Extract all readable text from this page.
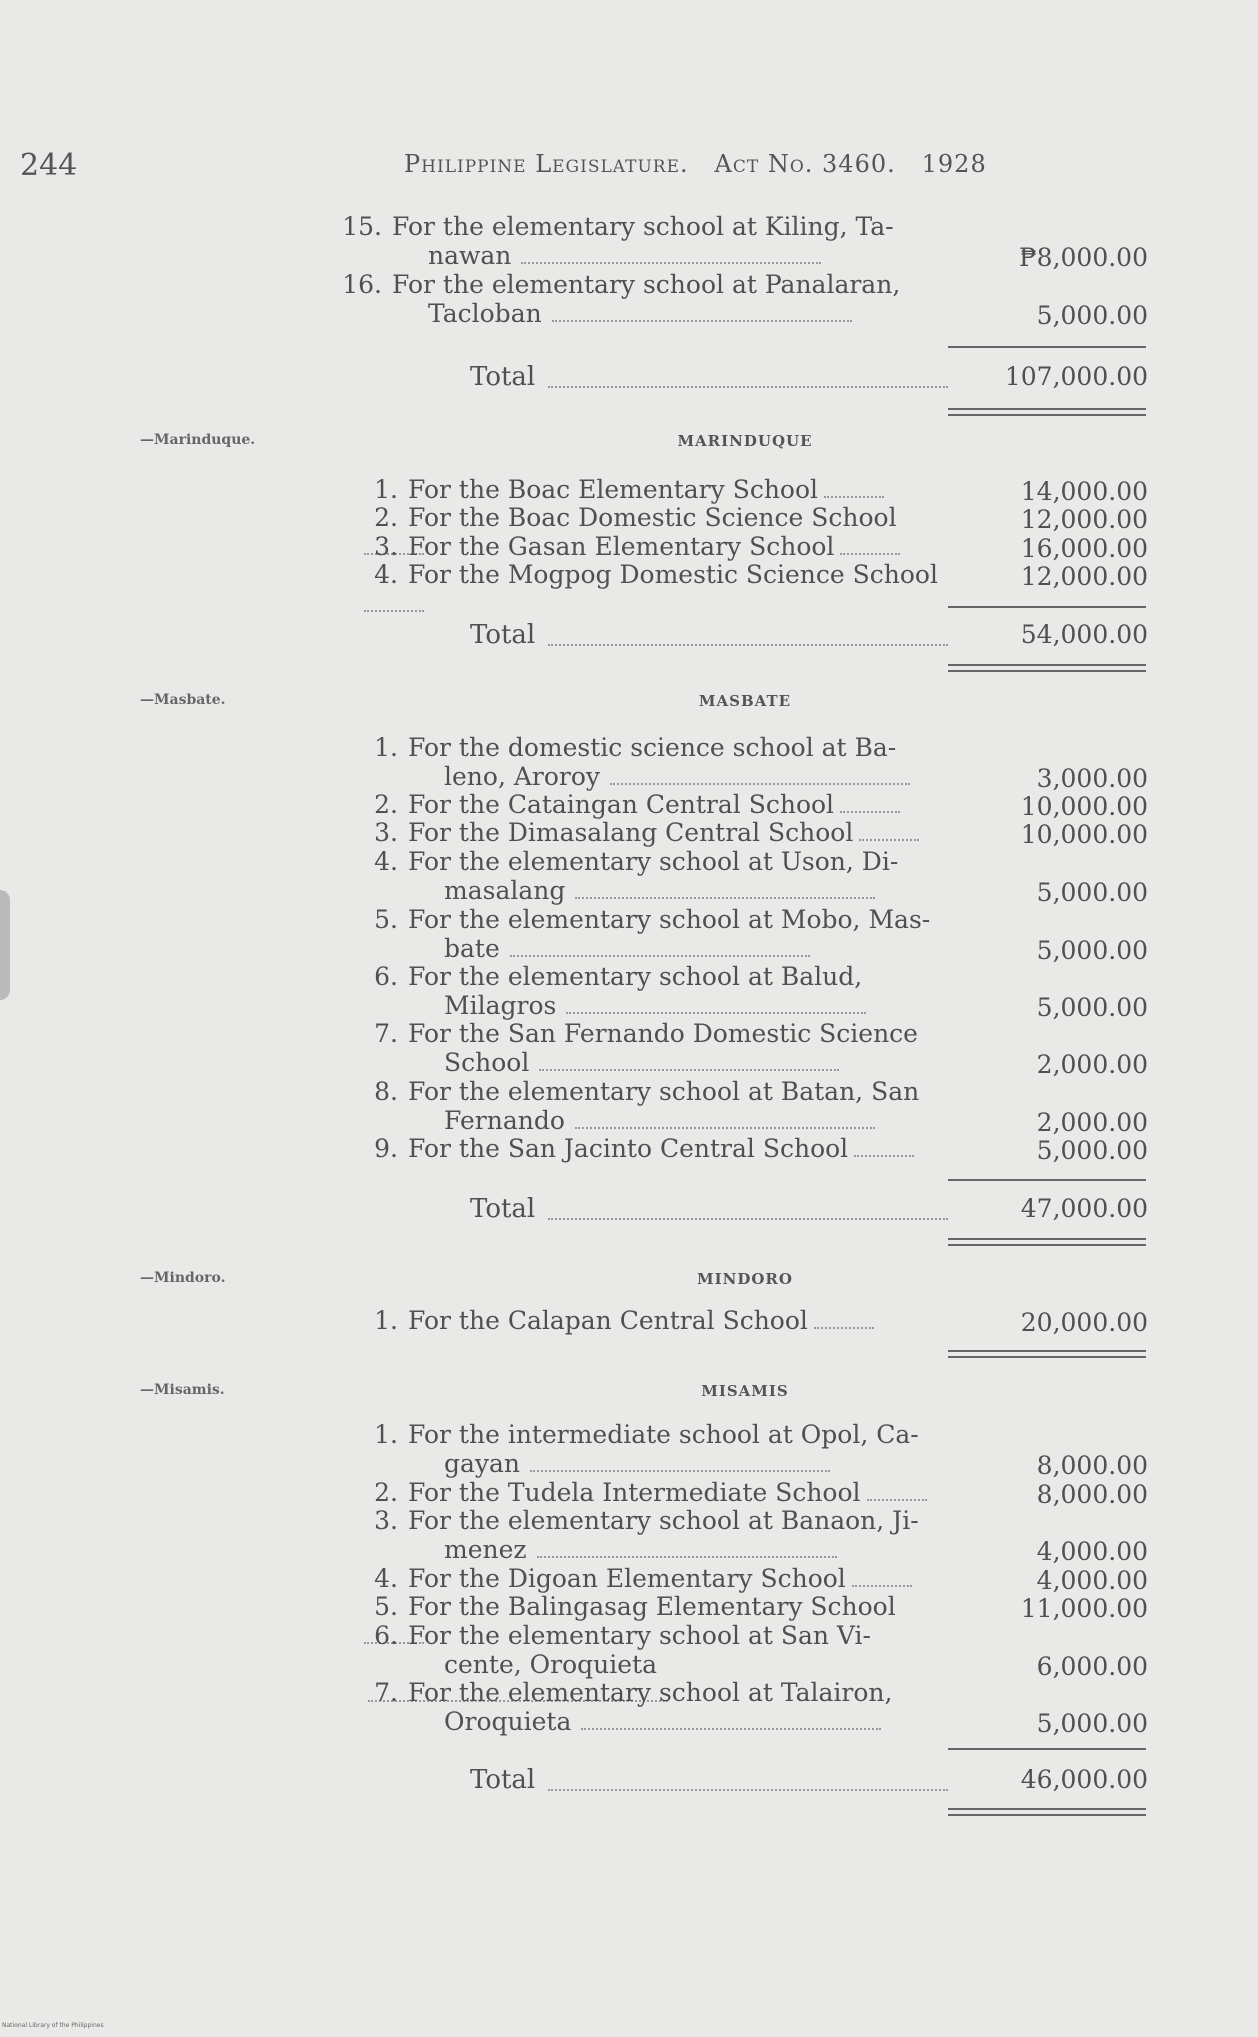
244	Philippine Legislature. Act No. 3460. 1928
15. For the elementary school at Kiling, Ta-
nawan	₱8,000.00
16. For the elementary school at Panalaran,
Tacloban	5,000.00
Total	107,000.00
—Marinduque.	MARINDUQUE
1. For the Boac Elementary School	14,000.00
2. For the Boac Domestic Science School	12,000.00
3. For the Gasan Elementary School	16,000.00
4. For the Mogpog Domestic Science School	12,000.00
Total	54,000.00
—Masbate.	MASBATE
1. For the domestic science school at Ba-
leno, Aroroy	3,000.00
2. For the Cataingan Central School	10,000.00
3. For the Dimasalang Central School	10,000.00
4. For the elementary school at Uson, Di-
masalang	5,000.00
5. For the elementary school at Mobo, Mas-
bate	5,000.00
6. For the elementary school at Balud,
Milagros	5,000.00
7. For the San Fernando Domestic Science
School	2,000.00
8. For the elementary school at Batan, San
Fernando	2,000.00
9. For the San Jacinto Central School	5,000.00
Total	47,000.00
—Mindoro.	MINDORO
1. For the Calapan Central School	20,000.00
—Misamis.	MISAMIS
1. For the intermediate school at Opol, Ca-
gayan	8,000.00
2. For the Tudela Intermediate School	8,000.00
3. For the elementary school at Banaon, Ji-
menez	4,000.00
4. For the Digoan Elementary School	4,000.00
5. For the Balingasag Elementary School	11,000.00
6. For the elementary school at San Vi-
cente, Oroquieta	6,000.00
7. For the elementary school at Talairon,
Oroquieta	5,000.00
Total	46,000.00
National Library of the Philippines
